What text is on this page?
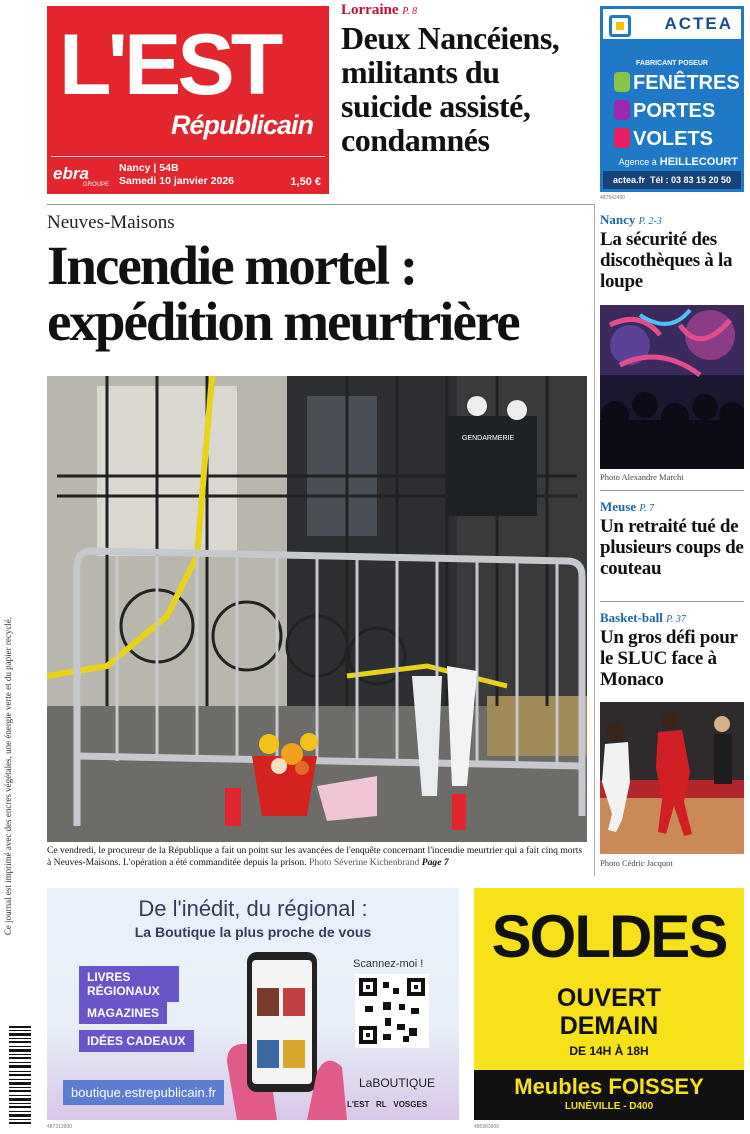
L'EST
Républicain
ebra
GROUPE
Nancy | 54B
Samedi 10 janvier 2026	1,50 €
Lorraine P. 8
Deux Nancéiens, militants du suicide assisté, condamnés
ACTEA
FABRICANT POSEUR
FENÊTRES
PORTES
VOLETS
Agence à HEILLECOURT
actea.fr Tél : 03 83 15 20 50
487542400
Neuves-Maisons
Incendie mortel : expédition meurtrière
GENDARMERIE
Ce vendredi, le procureur de la République a fait un point sur les avancées de l'enquête concernant l'incendie meurtrier qui a fait cinq morts à Neuves-Maisons. L'opération a été commanditée depuis la prison. Photo Séverine Kichenbrand Page 7
Nancy P. 2-3
La sécurité des discothèques à la loupe
Photo Alexandre Marchi
Meuse P. 7
Un retraité tué de plusieurs coups de couteau
Basket-ball P. 37
Un gros défi pour le SLUC face à Monaco
Photo Cédric Jacquot
Ce journal est imprimé avec des encres végétales, une énergie verte et du papier recyclé.	De l'inédit, du régional :
La Boutique la plus proche de vous
LIVRES RÉGIONAUX
MAGAZINES
IDÉES CADEAUX
Scannez-moi !
LaBOUTIQUE
L'EST RL VOSGES
boutique.estrepublicain.fr
487313900
SOLDES
OUVERT
DEMAIN
DE 14H À 18H
Meubles FOISSEY
LUNÉVILLE - D400
485903900
